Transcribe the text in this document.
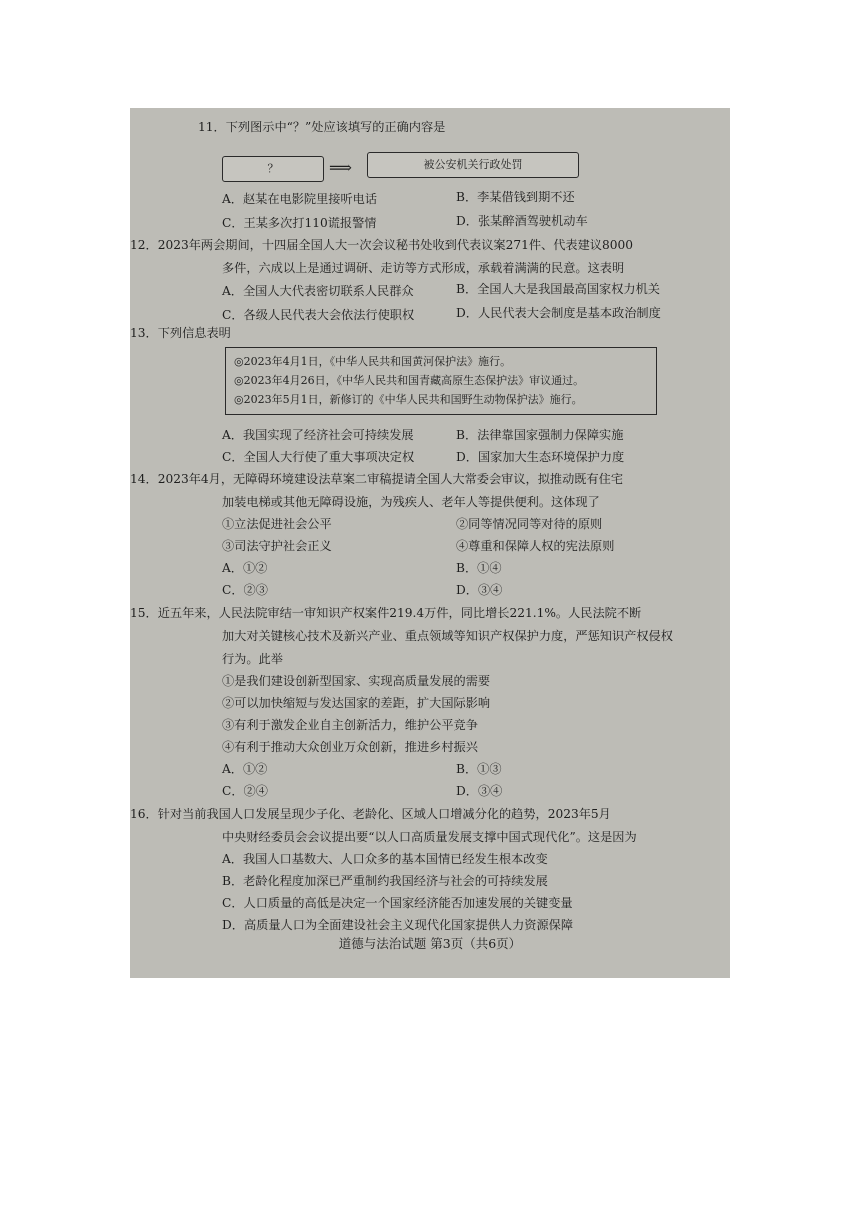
11．下列图示中“？”处应该填写的正确内容是
？	⟹	被公安机关行政处罚
A．赵某在电影院里接听电话	B．李某借钱到期不还
C．王某多次打110谎报警情	D．张某醉酒驾驶机动车
12．2023年两会期间，十四届全国人大一次会议秘书处收到代表议案271件、代表建议8000
多件，六成以上是通过调研、走访等方式形成，承载着满满的民意。这表明
A．全国人大代表密切联系人民群众	B．全国人大是我国最高国家权力机关
C．各级人民代表大会依法行使职权	D．人民代表大会制度是基本政治制度
13．下列信息表明
◎2023年4月1日，《中华人民共和国黄河保护法》施行。
◎2023年4月26日，《中华人民共和国青藏高原生态保护法》审议通过。
◎2023年5月1日，新修订的《中华人民共和国野生动物保护法》施行。
A．我国实现了经济社会可持续发展	B．法律靠国家强制力保障实施
C．全国人大行使了重大事项决定权	D．国家加大生态环境保护力度
14．2023年4月，无障碍环境建设法草案二审稿提请全国人大常委会审议，拟推动既有住宅
加装电梯或其他无障碍设施，为残疾人、老年人等提供便利。这体现了
①立法促进社会公平	②同等情况同等对待的原则
③司法守护社会正义	④尊重和保障人权的宪法原则
A．①②	B．①④
C．②③	D．③④
15．近五年来，人民法院审结一审知识产权案件219.4万件，同比增长221.1%。人民法院不断
加大对关键核心技术及新兴产业、重点领域等知识产权保护力度，严惩知识产权侵权
行为。此举
①是我们建设创新型国家、实现高质量发展的需要
②可以加快缩短与发达国家的差距，扩大国际影响
③有利于激发企业自主创新活力，维护公平竞争
④有利于推动大众创业万众创新，推进乡村振兴
A．①②	B．①③
C．②④	D．③④
16．针对当前我国人口发展呈现少子化、老龄化、区域人口增减分化的趋势，2023年5月
中央财经委员会会议提出要“以人口高质量发展支撑中国式现代化”。这是因为
A．我国人口基数大、人口众多的基本国情已经发生根本改变
B．老龄化程度加深已严重制约我国经济与社会的可持续发展
C．人口质量的高低是决定一个国家经济能否加速发展的关键变量
D．高质量人口为全面建设社会主义现代化国家提供人力资源保障
道德与法治试题 第3页（共6页）
